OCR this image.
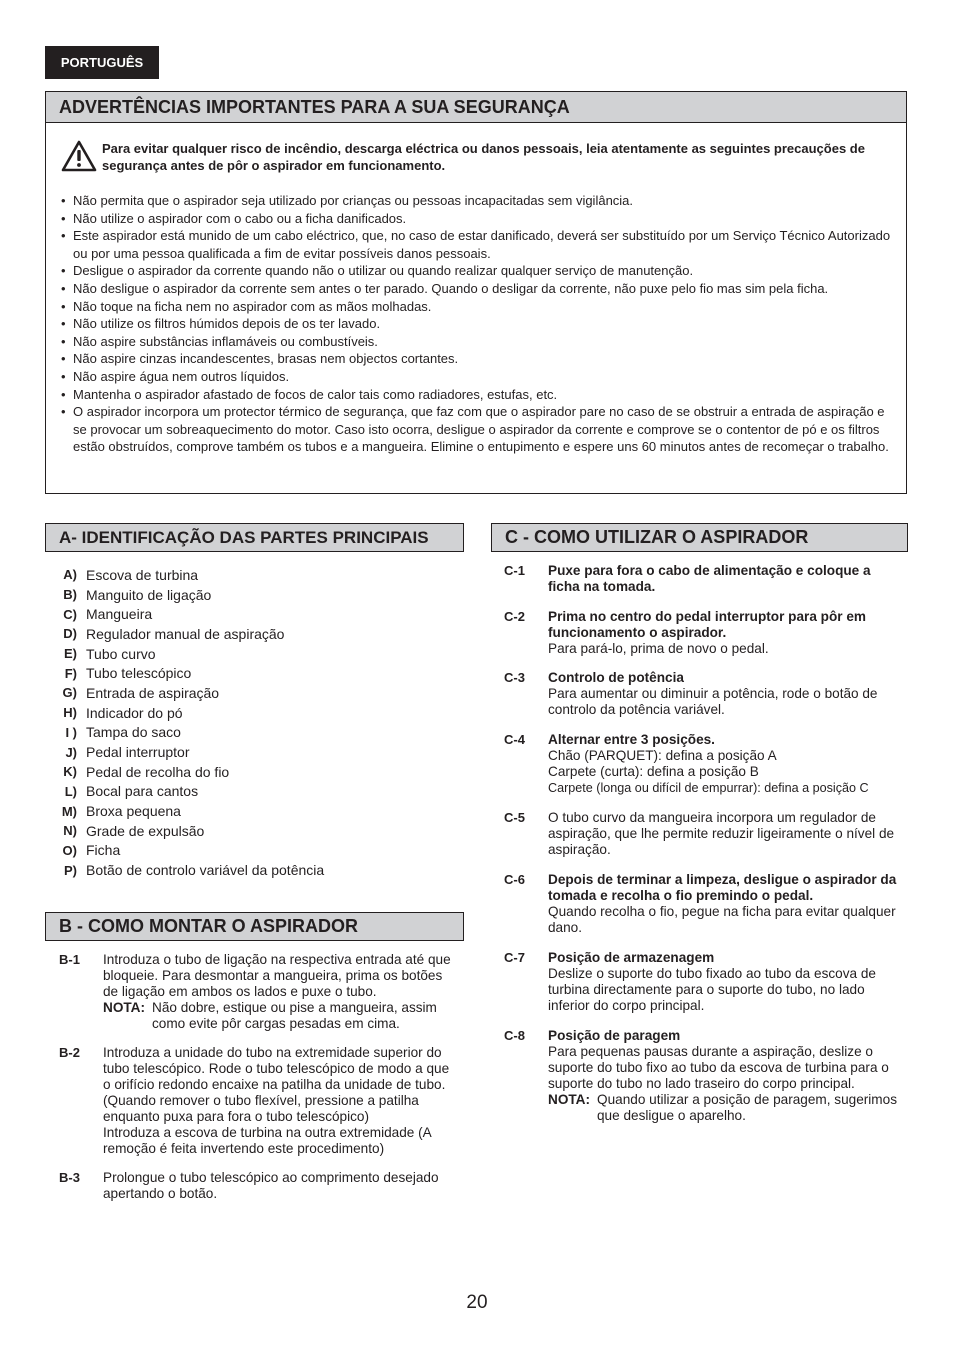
PORTUGUÊS
ADVERTÊNCIAS IMPORTANTES PARA A SUA SEGURANÇA
Para evitar qualquer risco de incêndio, descarga eléctrica ou danos pessoais, leia atentamente as seguintes precauções de segurança antes de pôr o aspirador em funcionamento.
• Não permita que o aspirador seja utilizado por crianças ou pessoas incapacitadas sem vigilância.
• Não utilize o aspirador com o cabo ou a ficha danificados.
• Este aspirador está munido de um cabo eléctrico, que, no caso de estar danificado, deverá ser substituído por um Serviço Técnico Autorizado ou por uma pessoa qualificada a fim de evitar possíveis danos pessoais.
• Desligue o aspirador da corrente quando não o utilizar ou quando realizar qualquer serviço de manutenção.
• Não desligue o aspirador da corrente sem antes o ter parado. Quando o desligar da corrente, não puxe pelo fio mas sim pela ficha.
• Não toque na ficha nem no aspirador com as mãos molhadas.
• Não utilize os filtros húmidos depois de os ter lavado.
• Não aspire substâncias inflamáveis ou combustíveis.
• Não aspire cinzas incandescentes, brasas nem objectos cortantes.
• Não aspire água nem outros líquidos.
• Mantenha o aspirador afastado de focos de calor tais como radiadores, estufas, etc.
• O aspirador incorpora um protector térmico de segurança, que faz com que o aspirador pare no caso de se obstruir a entrada de aspiração e se provocar um sobreaquecimento do motor. Caso isto ocorra, desligue o aspirador da corrente e comprove se o contentor de pó e os filtros estão obstruídos, comprove também os tubos e a mangueira. Elimine o entupimento e espere uns 60 minutos antes de recomeçar o trabalho.
A- IDENTIFICAÇÃO DAS PARTES PRINCIPAIS
A) Escova de turbina
B) Manguito de ligação
C) Mangueira
D) Regulador manual de aspiração
E) Tubo curvo
F) Tubo telescópico
G) Entrada de aspiração
H) Indicador do pó
I ) Tampa do saco
J) Pedal interruptor
K) Pedal de recolha do fio
L) Bocal para cantos
M) Broxa pequena
N) Grade de expulsão
O) Ficha
P) Botão de controlo variável da potência
B - COMO MONTAR O ASPIRADOR
B-1	Introduza o tubo de ligação na respectiva entrada até que bloqueie. Para desmontar a mangueira, prima os botões de ligação em ambos os lados e puxe o tubo.
NOTA: Não dobre, estique ou pise a mangueira, assim como evite pôr cargas pesadas em cima.
B-2	Introduza a unidade do tubo na extremidade superior do tubo telescópico. Rode o tubo telescópico de modo a que o orifício redondo encaixe na patilha da unidade de tubo. (Quando remover o tubo flexível, pressione a patilha enquanto puxa para fora o tubo telescópico)
Introduza a escova de turbina na outra extremidade (A remoção é feita invertendo este procedimento)
B-3	Prolongue o tubo telescópico ao comprimento desejado apertando o botão.
C - COMO UTILIZAR O ASPIRADOR
C-1	Puxe para fora o cabo de alimentação e coloque a ficha na tomada.
C-2	Prima no centro do pedal interruptor para pôr em funcionamento o aspirador.
Para pará-lo, prima de novo o pedal.
C-3	Controlo de potência
Para aumentar ou diminuir a potência, rode o botão de controlo da potência variável.
C-4	Alternar entre 3 posições.
Chão (PARQUET): defina a posição A
Carpete (curta): defina a posição B
Carpete (longa ou difícil de empurrar): defina a posição C
C-5	O tubo curvo da mangueira incorpora um regulador de aspiração, que lhe permite reduzir ligeiramente o nível de aspiração.
C-6	Depois de terminar a limpeza, desligue o aspirador da tomada e recolha o fio premindo o pedal.
Quando recolha o fio, pegue na ficha para evitar qualquer dano.
C-7	Posição de armazenagem
Deslize o suporte do tubo fixado ao tubo da escova de turbina directamente para o suporte do tubo, no lado inferior do corpo principal.
C-8	Posição de paragem
Para pequenas pausas durante a aspiração, deslize o suporte do tubo fixo ao tubo da escova de turbina para o suporte do tubo no lado traseiro do corpo principal.
NOTA: Quando utilizar a posição de paragem, sugerimos que desligue o aparelho.
20
